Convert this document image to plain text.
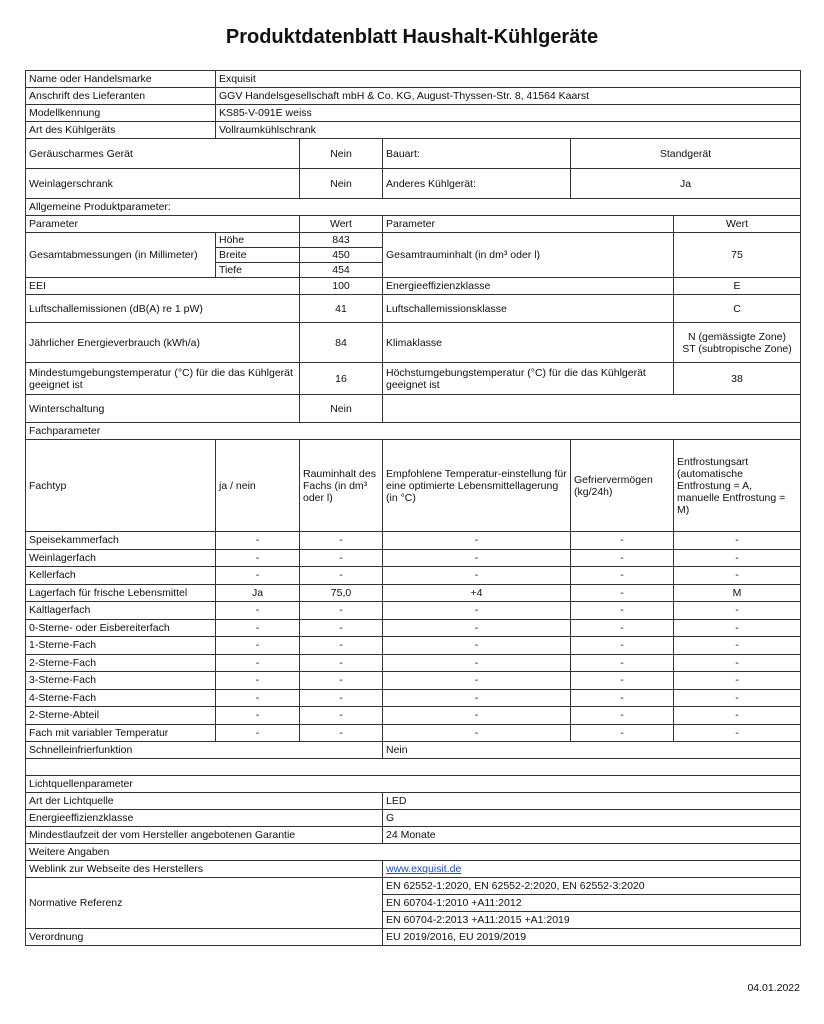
Produktdatenblatt Haushalt-Kühlgeräte
Name oder Handelsmarke	Exquisit				
Anschrift des Lieferanten	GGV Handelsgesellschaft mbH & Co. KG, August-Thyssen-Str. 8, 41564 Kaarst				
Modellkennung	KS85-V-091E weiss				
Art des Kühlgeräts	Vollraumkühlschrank				
Geräuscharmes Gerät		Nein	Bauart:	Standgerät	
Weinlagerschrank		Nein	Anderes Kühlgerät:	Ja	
Allgemeine Produktparameter:					
Parameter		Wert	Parameter		Wert
Gesamtabmessungen (in Millimeter)	Höhe	843	Gesamtrauminhalt (in dm³ oder l)		75
	Breite	450			
	Tiefe	454			
EEI		100	Energieeffizienzklasse		E
Luftschallemissionen (dB(A) re 1 pW)		41	Luftschallemissionsklasse		C
Jährlicher Energieverbrauch (kWh/a)		84	Klimaklasse		N (gemässigte Zone)
ST (subtropische Zone)

Mindestumgebungstemperatur (°C) für die das Kühlgerät geeignet ist		16	Höchstumgebungstemperatur (°C) für die das Kühlgerät geeignet ist		38
Winterschaltung		Nein			
Fachparameter					
Fachtyp	ja / nein	Rauminhalt des Fachs (in dm³ oder l)	Empfohlene Temperatur-einstellung für eine optimierte Lebensmittellagerung (in °C)	Gefriervermögen (kg/24h)	Entfrostungsart (automatische Entfrostung = A, manuelle Entfrostung = M)
Speisekammerfach	-	-	-	-	-
Weinlagerfach	-	-	-	-	-
Kellerfach	-	-	-	-	-
Lagerfach für frische Lebensmittel	Ja	75,0	+4	-	M
Kaltlagerfach	-	-	-	-	-
0-Sterne- oder Eisbereiterfach	-	-	-	-	-
1-Sterne-Fach	-	-	-	-	-
2-Sterne-Fach	-	-	-	-	-
3-Sterne-Fach	-	-	-	-	-
4-Sterne-Fach	-	-	-	-	-
2-Sterne-Abteil	-	-	-	-	-
Fach mit variabler Temperatur	-	-	-	-	-
Schnelleinfrierfunktion			Nein		

Lichtquellenparameter					
Art der Lichtquelle			LED		
Energieeffizienzklasse			G		
Mindestlaufzeit der vom Hersteller angebotenen Garantie			24 Monate		
Weitere Angaben					
Weblink zur Webseite des Herstellers			www.exquisit.de		
Normative Referenz			EN 62552-1:2020, EN 62552-2:2020, EN 62552-3:2020		
			EN 60704-1:2010 +A11:2012		
			EN 60704-2:2013 +A11:2015 +A1:2019		
Verordnung			EU 2019/2016, EU 2019/2019		
04.01.2022
